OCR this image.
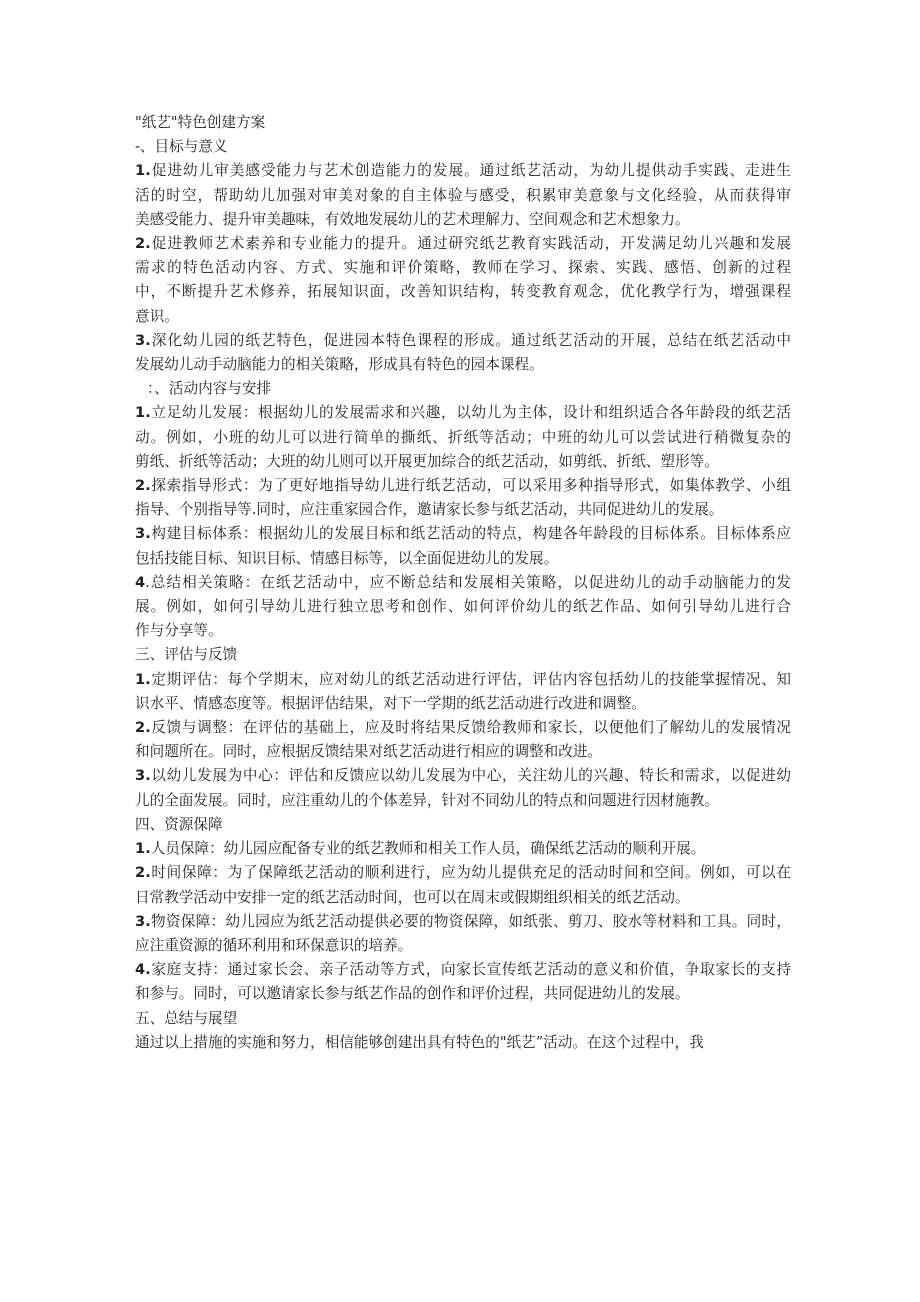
"纸艺"特色创建方案
-、目标与意义
1.促进幼儿审美感受能力与艺术创造能力的发展。通过纸艺活动，为幼儿提供动手实践、走进生
活的时空，帮助幼儿加强对审美对象的自主体验与感受，积累审美意象与文化经验，从而获得审
美感受能力、提升审美趣味，有效地发展幼儿的艺术理解力、空间观念和艺术想象力。
2.促进教师艺术素养和专业能力的提升。通过研究纸艺教育实践活动，开发满足幼儿兴趣和发展
需求的特色活动内容、方式、实施和评价策略，教师在学习、探索、实践、感悟、创新的过程
中，不断提升艺术修养，拓展知识面，改善知识结构，转变教育观念，优化教学行为，增强课程
意识。
3.深化幼儿园的纸艺特色，促进园本特色课程的形成。通过纸艺活动的开展，总结在纸艺活动中
发展幼儿动手动脑能力的相关策略，形成具有特色的园本课程。
：、活动内容与安排
1.立足幼儿发展：根据幼儿的发展需求和兴趣，以幼儿为主体，设计和组织适合各年龄段的纸艺活
动。例如，小班的幼儿可以进行简单的撕纸、折纸等活动；中班的幼儿可以尝试进行稍微复杂的
剪纸、折纸等活动；大班的幼儿则可以开展更加综合的纸艺活动，如剪纸、折纸、塑形等。
2.探索指导形式：为了更好地指导幼儿进行纸艺活动，可以采用多种指导形式，如集体教学、小组
指导、个别指导等.同时，应注重家园合作，邀请家长参与纸艺活动，共同促进幼儿的发展。
3.构建目标体系：根据幼儿的发展目标和纸艺活动的特点，构建各年龄段的目标体系。目标体系应
包括技能目标、知识目标、情感目标等，以全面促进幼儿的发展。
4.总结相关策略：在纸艺活动中，应不断总结和发展相关策略，以促进幼儿的动手动脑能力的发
展。例如，如何引导幼儿进行独立思考和创作、如何评价幼儿的纸艺作品、如何引导幼儿进行合
作与分享等。
三、评估与反馈
1.定期评估：每个学期末，应对幼儿的纸艺活动进行评估，评估内容包括幼儿的技能掌握情况、知
识水平、情感态度等。根据评估结果，对下一学期的纸艺活动进行改进和调整。
2.反馈与调整：在评估的基础上，应及时将结果反馈给教师和家长，以便他们了解幼儿的发展情况
和问题所在。同时，应根据反馈结果对纸艺活动进行相应的调整和改进。
3.以幼儿发展为中心：评估和反馈应以幼儿发展为中心，关注幼儿的兴趣、特长和需求，以促进幼
儿的全面发展。同时，应注重幼儿的个体差异，针对不同幼儿的特点和问题进行因材施教。
四、资源保障
1.人员保障：幼儿园应配备专业的纸艺教师和相关工作人员，确保纸艺活动的顺利开展。
2.时间保障：为了保障纸艺活动的顺利进行，应为幼儿提供充足的活动时间和空间。例如，可以在
日常教学活动中安排一定的纸艺活动时间，也可以在周末或假期组织相关的纸艺活动。
3.物资保障：幼儿园应为纸艺活动提供必要的物资保障，如纸张、剪刀、胶水等材料和工具。同时，
应注重资源的循环利用和环保意识的培养。
4.家庭支持：通过家长会、亲子活动等方式，向家长宣传纸艺活动的意义和价值，争取家长的支持
和参与。同时，可以邀请家长参与纸艺作品的创作和评价过程，共同促进幼儿的发展。
五、总结与展望
通过以上措施的实施和努力，相信能够创建出具有特色的"纸艺”活动。在这个过程中，我
